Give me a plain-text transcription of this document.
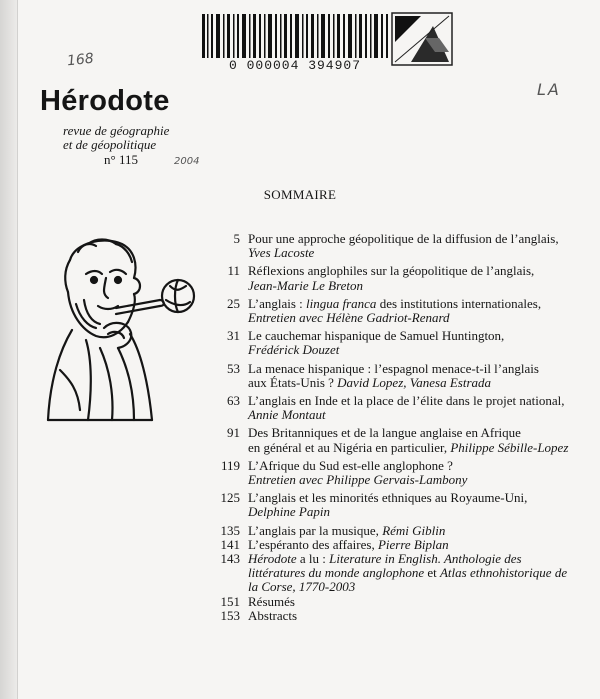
0 000004 394907
168
LA
2004
Hérodote
revue de géographie
et de géopolitique
n° 115
SOMMAIRE
5 Pour une approche géopolitique de la diffusion de l’anglais,
Yves Lacoste
11 Réflexions anglophiles sur la géopolitique de l’anglais,
Jean-Marie Le Breton
25 L’anglais : lingua franca des institutions internationales,
Entretien avec Hélène Gadriot-Renard
31 Le cauchemar hispanique de Samuel Huntington,
Frédérick Douzet
53 La menace hispanique : l’espagnol menace-t-il l’anglais
aux États-Unis ? David Lopez, Vanesa Estrada
63 L’anglais en Inde et la place de l’élite dans le projet national,
Annie Montaut
91 Des Britanniques et de la langue anglaise en Afrique
en général et au Nigéria en particulier, Philippe Sébille-Lopez
119 L’Afrique du Sud est-elle anglophone ?
Entretien avec Philippe Gervais-Lambony
125 L’anglais et les minorités ethniques au Royaume-Uni,
Delphine Papin
135 L’anglais par la musique, Rémi Giblin
141 L’espéranto des affaires, Pierre Biplan
143 Hérodote a lu : Literature in English. Anthologie des
littératures du monde anglophone et Atlas ethnohistorique de
la Corse, 1770-2003
151 Résumés
153 Abstracts
